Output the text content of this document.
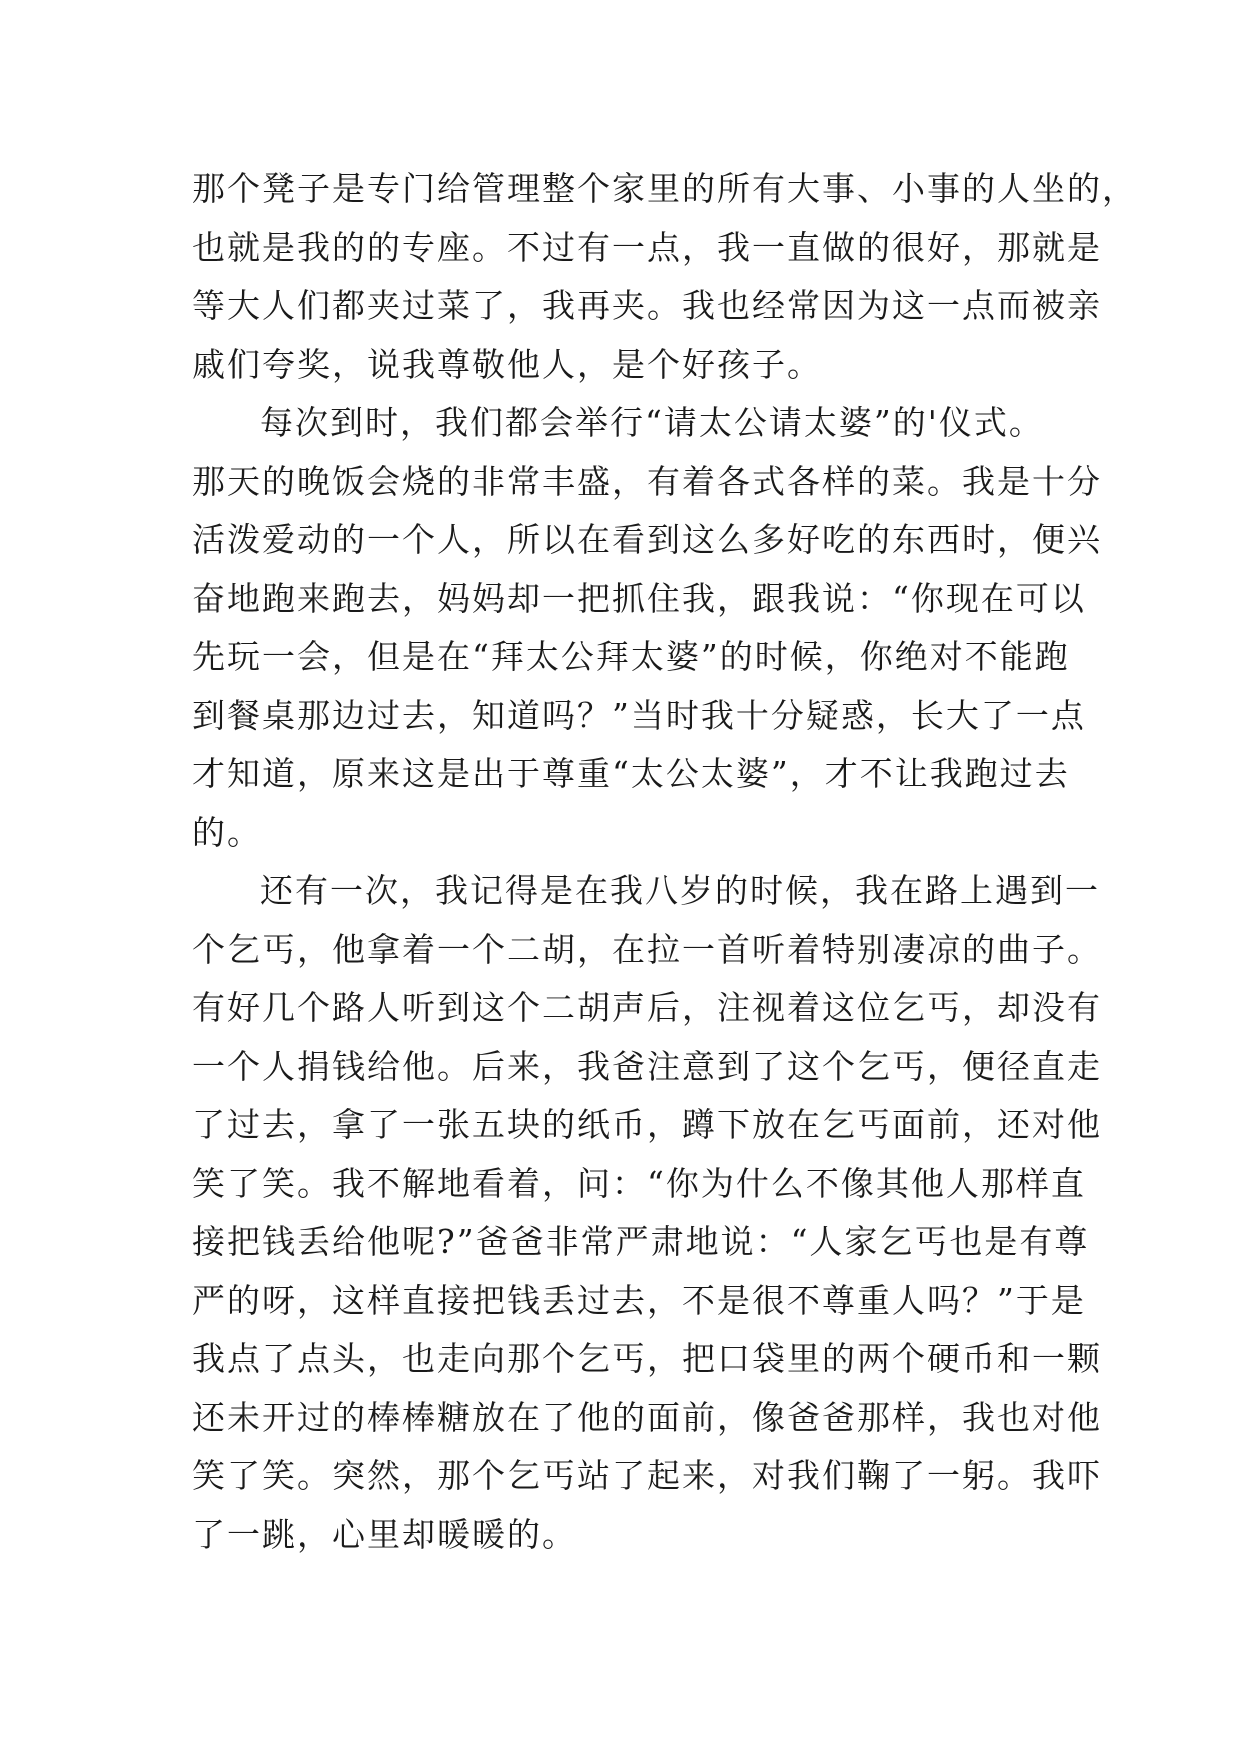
那个凳子是专门给管理整个家里的所有大事、小事的人坐的，
也就是我的的专座。不过有一点，我一直做的很好，那就是
等大人们都夹过菜了，我再夹。我也经常因为这一点而被亲
戚们夸奖，说我尊敬他人，是个好孩子。
每次到时，我们都会举行“请太公请太婆”的'仪式。
那天的晚饭会烧的非常丰盛，有着各式各样的菜。我是十分
活泼爱动的一个人，所以在看到这么多好吃的东西时，便兴
奋地跑来跑去，妈妈却一把抓住我，跟我说：“你现在可以
先玩一会，但是在“拜太公拜太婆”的时候，你绝对不能跑
到餐桌那边过去，知道吗？”当时我十分疑惑，长大了一点
才知道，原来这是出于尊重“太公太婆”，才不让我跑过去
的。
还有一次，我记得是在我八岁的时候，我在路上遇到一
个乞丐，他拿着一个二胡，在拉一首听着特别凄凉的曲子。
有好几个路人听到这个二胡声后，注视着这位乞丐，却没有
一个人捐钱给他。后来，我爸注意到了这个乞丐，便径直走
了过去，拿了一张五块的纸币，蹲下放在乞丐面前，还对他
笑了笑。我不解地看着，问：“你为什么不像其他人那样直
接把钱丢给他呢?”爸爸非常严肃地说：“人家乞丐也是有尊
严的呀，这样直接把钱丢过去，不是很不尊重人吗？”于是
我点了点头，也走向那个乞丐，把口袋里的两个硬币和一颗
还未开过的棒棒糖放在了他的面前，像爸爸那样，我也对他
笑了笑。突然，那个乞丐站了起来，对我们鞠了一躬。我吓
了一跳，心里却暖暖的。
